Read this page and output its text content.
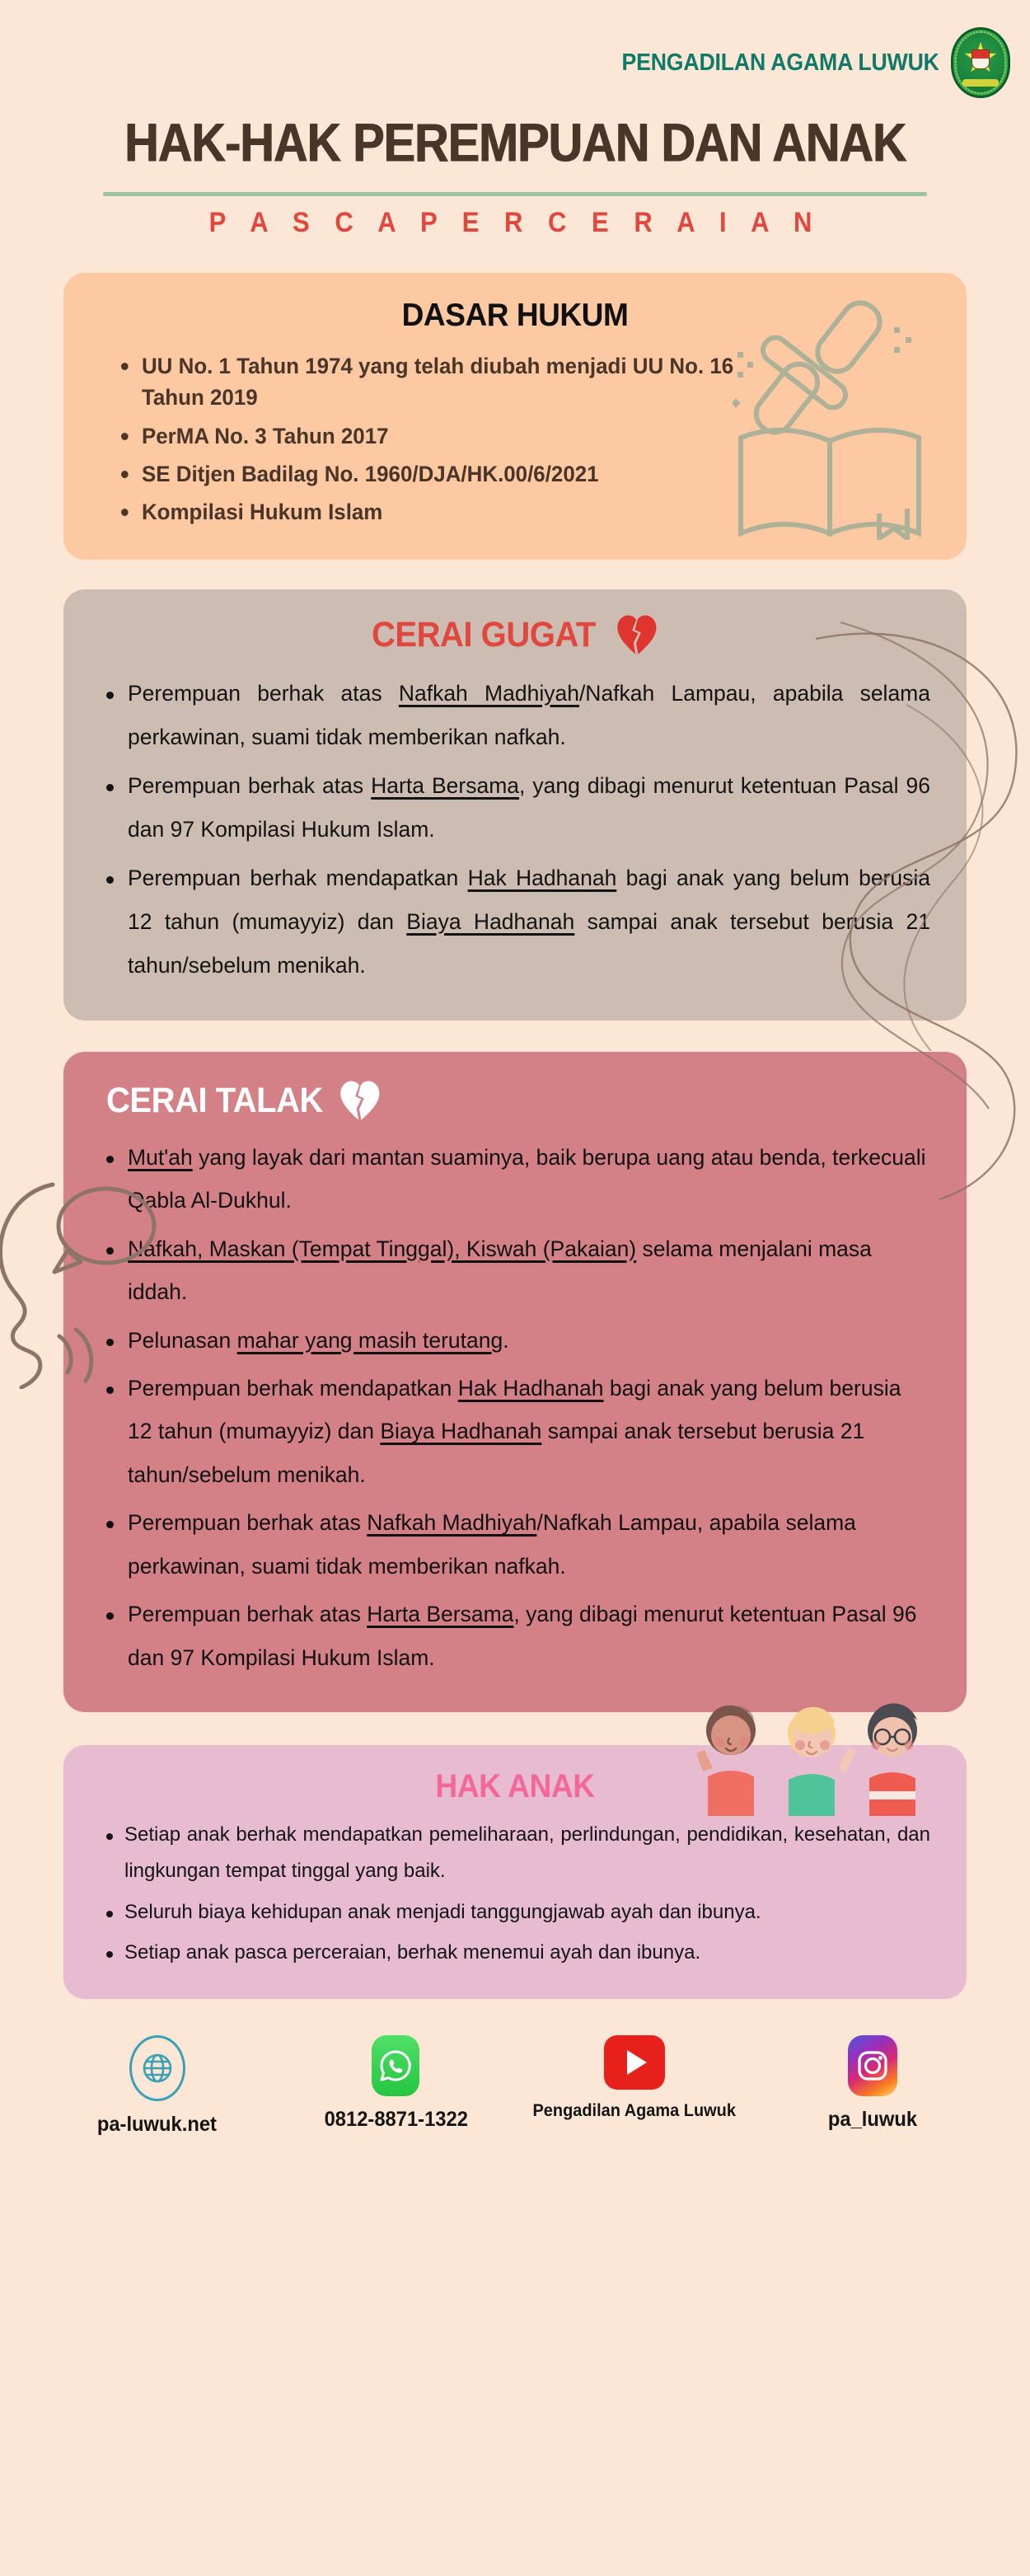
PENGADILAN AGAMA LUWUK
HAK-HAK PEREMPUAN DAN ANAK
P A S C A P E R C E R A I A N
DASAR HUKUM
UU No. 1 Tahun 1974 yang telah diubah menjadi UU No. 16 Tahun 2019
PerMA No. 3 Tahun 2017
SE Ditjen Badilag No. 1960/DJA/HK.00/6/2021
Kompilasi Hukum Islam
CERAI GUGAT
Perempuan berhak atas Nafkah Madhiyah/Nafkah Lampau, apabila selama perkawinan, suami tidak memberikan nafkah.
Perempuan berhak atas Harta Bersama, yang dibagi menurut ketentuan Pasal 96 dan 97 Kompilasi Hukum Islam.
Perempuan berhak mendapatkan Hak Hadhanah bagi anak yang belum berusia 12 tahun (mumayyiz) dan Biaya Hadhanah sampai anak tersebut berusia 21 tahun/sebelum menikah.
CERAI TALAK
Mut'ah yang layak dari mantan suaminya, baik berupa uang atau benda, terkecuali Qabla Al-Dukhul.
Nafkah, Maskan (Tempat Tinggal), Kiswah (Pakaian) selama menjalani masa iddah.
Pelunasan mahar yang masih terutang.
Perempuan berhak mendapatkan Hak Hadhanah bagi anak yang belum berusia 12 tahun (mumayyiz) dan Biaya Hadhanah sampai anak tersebut berusia 21 tahun/sebelum menikah.
Perempuan berhak atas Nafkah Madhiyah/Nafkah Lampau, apabila selama perkawinan, suami tidak memberikan nafkah.
Perempuan berhak atas Harta Bersama, yang dibagi menurut ketentuan Pasal 96 dan 97 Kompilasi Hukum Islam.
HAK ANAK
Setiap anak berhak mendapatkan pemeliharaan, perlindungan, pendidikan, kesehatan, dan lingkungan tempat tinggal yang baik.
Seluruh biaya kehidupan anak menjadi tanggungjawab ayah dan ibunya.
Setiap anak pasca perceraian, berhak menemui ayah dan ibunya.
pa-luwuk.net	0812-8871-1322	Pengadilan Agama Luwuk	pa_luwuk
